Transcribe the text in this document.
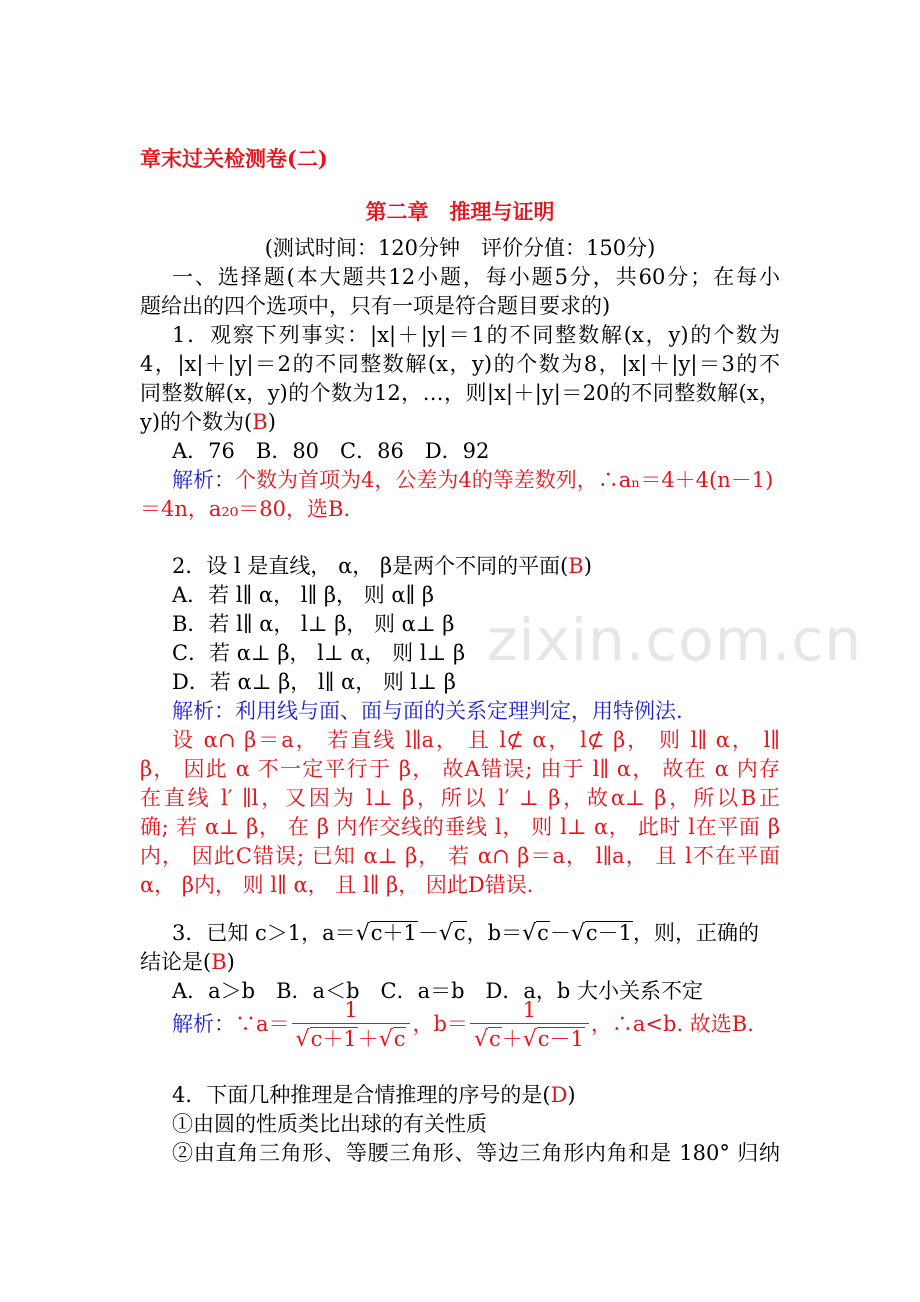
zixin.com.cn
章末过关检测卷(二)
第二章　推理与证明
(测试时间：120分钟　评价分值：150分)
一、选择题(本大题共12小题，每小题5分，共60分；在每小
题给出的四个选项中，只有一项是符合题目要求的)
1．观察下列事实：|x|＋|y|＝1的不同整数解(x，y)的个数为
4，|x|＋|y|＝2的不同整数解(x，y)的个数为8，|x|＋|y|＝3的不
同整数解(x，y)的个数为12，…，则|x|＋|y|＝20的不同整数解(x，
y)的个数为(B)
A．76　B．80　C．86　D．92
解析：个数为首项为4，公差为4的等差数列，∴aₙ＝4＋4(n－1)
＝4n，a₂₀＝80，选B.
2．设 l 是直线， α， β是两个不同的平面(B)
A．若 l∥ α， l∥ β， 则 α∥ β
B．若 l∥ α， l⊥ β， 则 α⊥ β
C．若 α⊥ β， l⊥ α， 则 l⊥ β
D．若 α⊥ β， l∥ α， 则 l⊥ β
解析：利用线与面、面与面的关系定理判定，用特例法.
设 α∩ β＝a， 若直线 l∥a， 且 l⊄ α， l⊄ β， 则 l∥ α， l∥
β， 因此 α 不一定平行于 β， 故A错误; 由于 l∥ α， 故在 α 内存
在直线 l′ ∥l，又因为 l⊥ β，所以 l′ ⊥ β，故α⊥ β，所以B正
确; 若 α⊥ β， 在 β 内作交线的垂线 l， 则 l⊥ α， 此时 l在平面 β
内， 因此C错误; 已知 α⊥ β， 若 α∩ β＝a， l∥a， 且 l不在平面
α， β内， 则 l∥ α， 且 l∥ β， 因此D错误.
3．已知 c＞1，a＝√c＋1－√c，b＝√c－√c－1，则，正确的
结论是(B)
A．a＞b　B．a＜b　C．a＝b　D．a，b 大小关系不定
解析：∵a＝ $\frac{1}{√c+1+√c}$ ，$b= \frac{1}{√c+√c-1}$ ，∴a<b. 故选B.
4．下面几种推理是合情推理的序号的是(D)
①由圆的性质类比出球的有关性质
②由直角三角形、等腰三角形、等边三角形内角和是 180° 归纳
